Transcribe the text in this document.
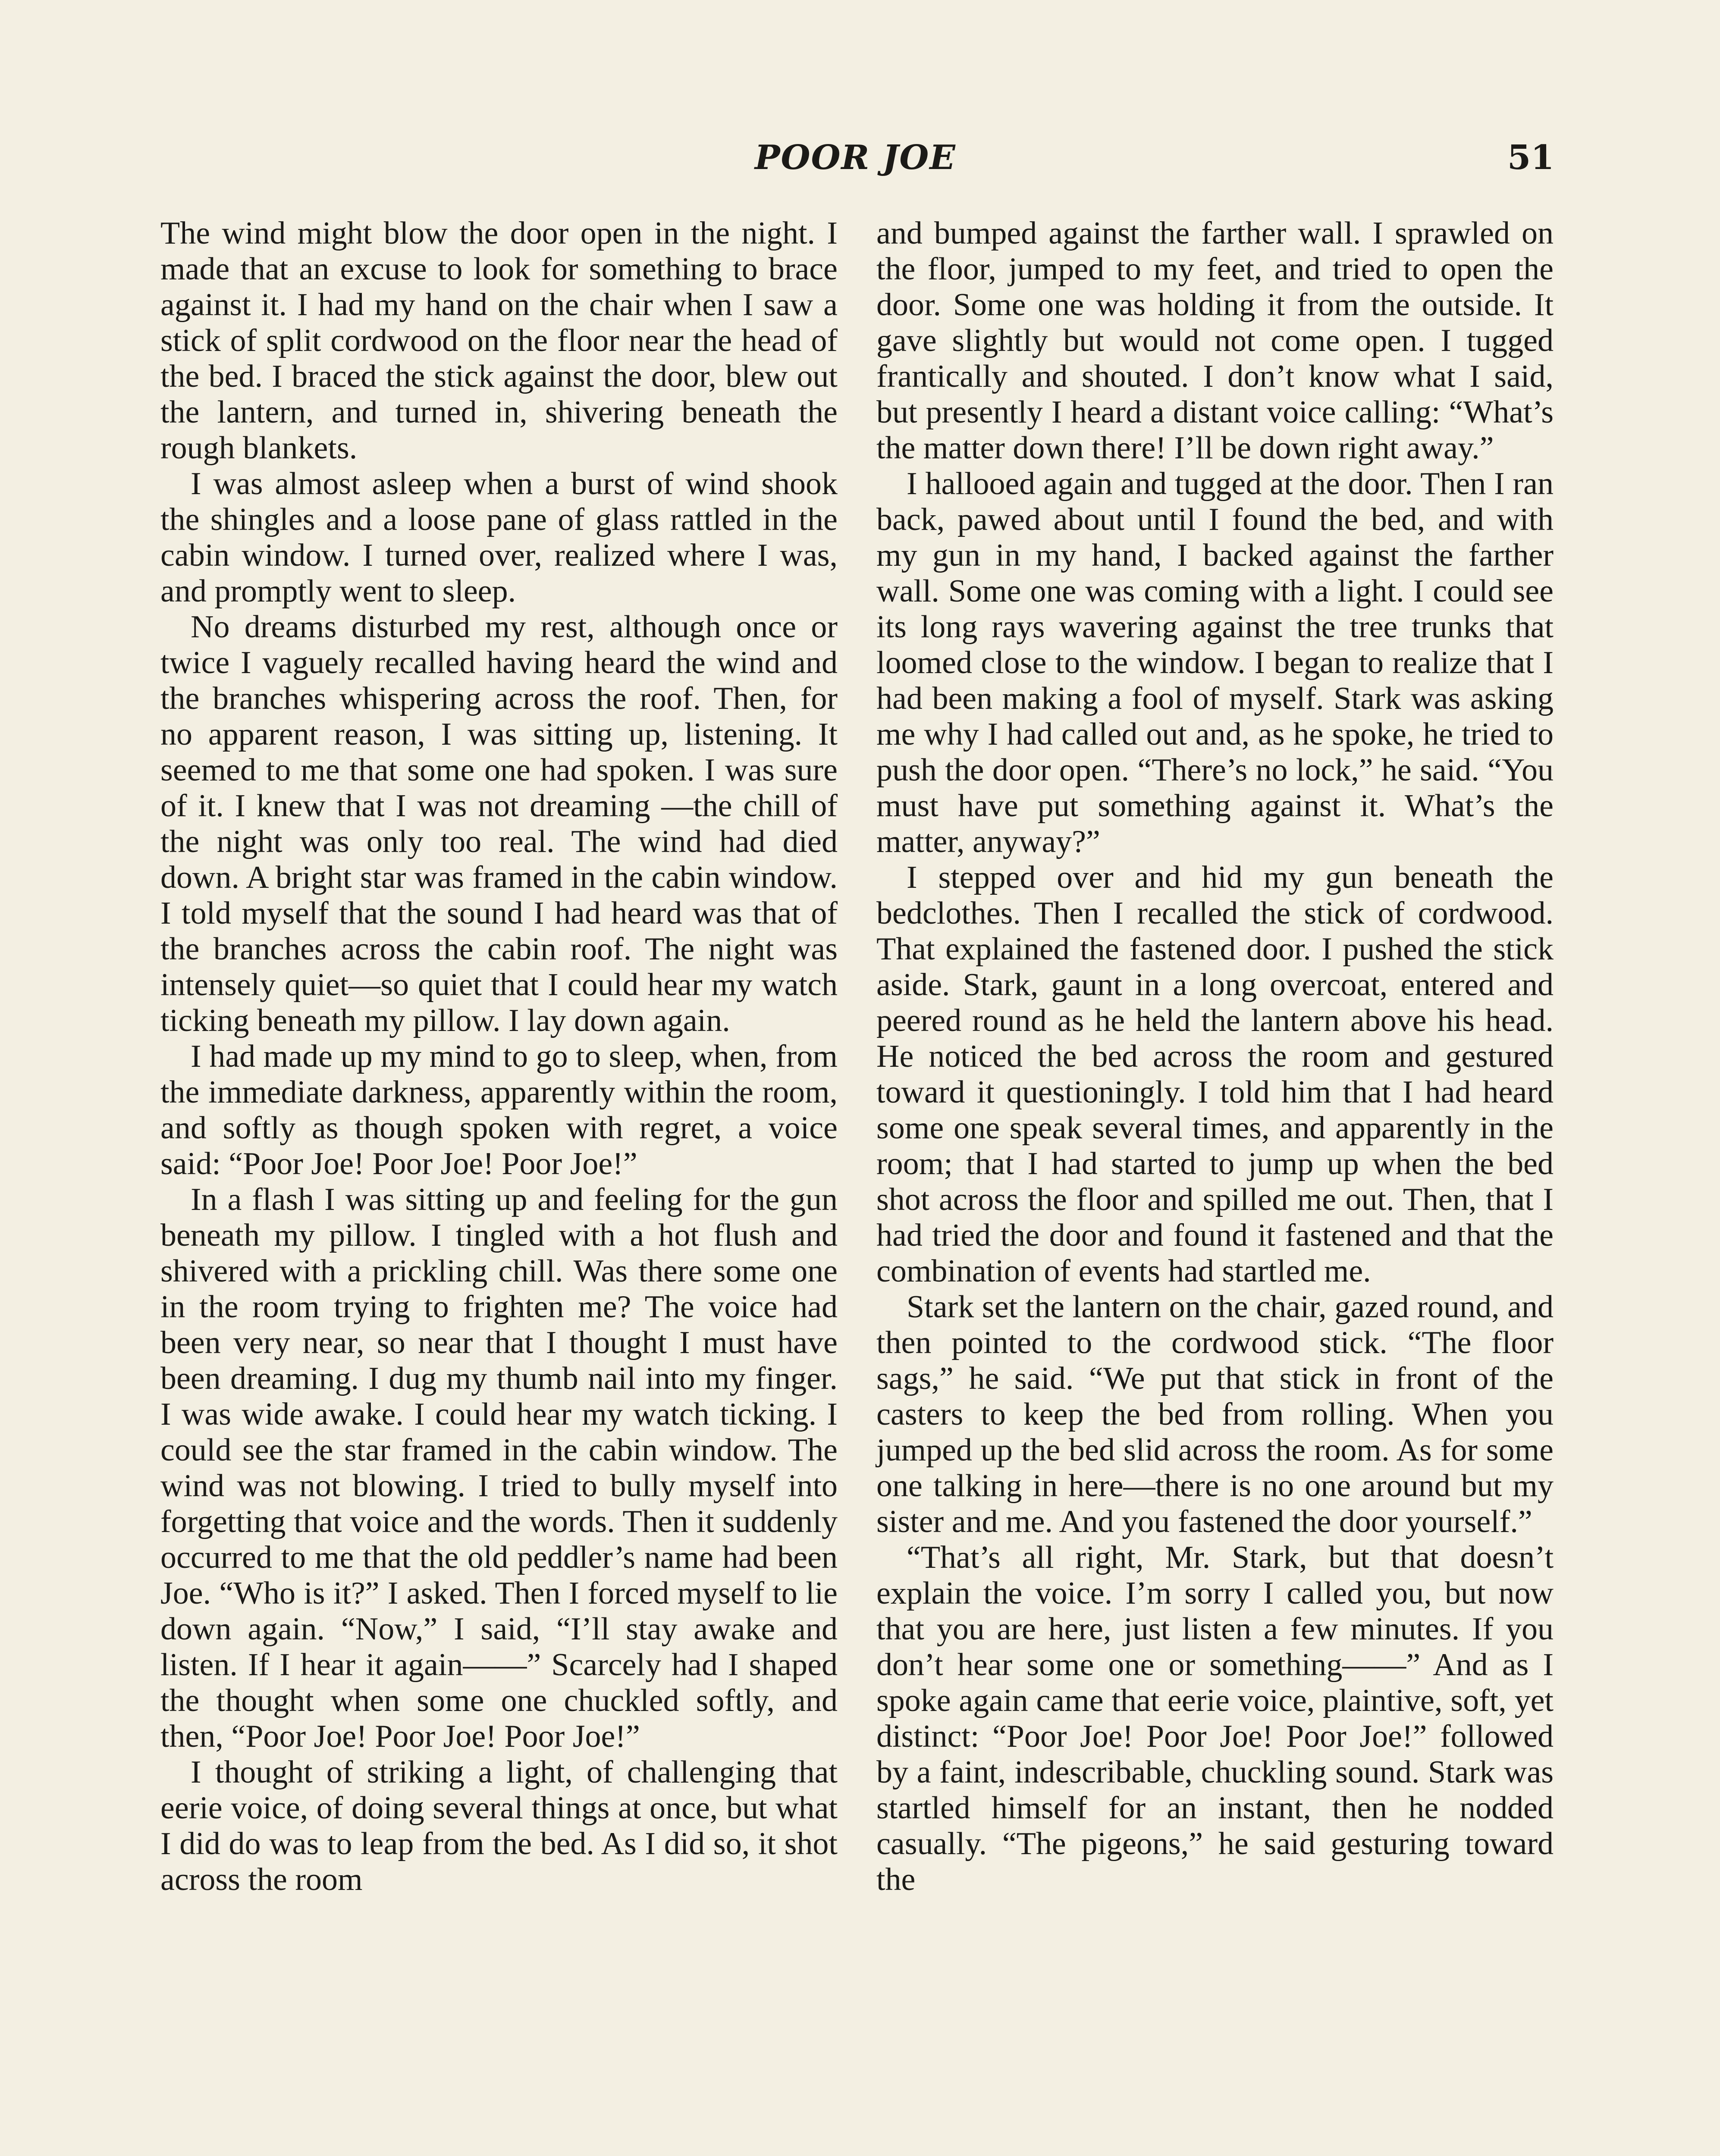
POOR JOE	51

The wind might blow the door open in the night. I made that an excuse to look for something to brace against it. I had my hand on the chair when I saw a stick of split cordwood on the floor near the head of the bed. I braced the stick against the door, blew out the lantern, and turned in, shivering beneath the rough blankets.

I was almost asleep when a burst of wind shook the shingles and a loose pane of glass rattled in the cabin window. I turned over, realized where I was, and promptly went to sleep.

No dreams disturbed my rest, although once or twice I vaguely recalled having heard the wind and the branches whispering across the roof. Then, for no apparent reason, I was sitting up, listening. It seemed to me that some one had spoken. I was sure of it. I knew that I was not dreaming —the chill of the night was only too real. The wind had died down. A bright star was framed in the cabin window. I told myself that the sound I had heard was that of the branches across the cabin roof. The night was intensely quiet—so quiet that I could hear my watch ticking beneath my pillow. I lay down again.

I had made up my mind to go to sleep, when, from the immediate darkness, apparently within the room, and softly as though spoken with regret, a voice said: “Poor Joe! Poor Joe! Poor Joe!”

In a flash I was sitting up and feeling for the gun beneath my pillow. I tingled with a hot flush and shivered with a prickling chill. Was there some one in the room trying to frighten me? The voice had been very near, so near that I thought I must have been dreaming. I dug my thumb nail into my finger. I was wide awake. I could hear my watch ticking. I could see the star framed in the cabin window. The wind was not blowing. I tried to bully myself into forgetting that voice and the words. Then it suddenly occurred to me that the old peddler’s name had been Joe. “Who is it?” I asked. Then I forced myself to lie down again. “Now,” I said, “I’ll stay awake and listen. If I hear it again——” Scarcely had I shaped the thought when some one chuckled softly, and then, “Poor Joe! Poor Joe! Poor Joe!”

I thought of striking a light, of challenging that eerie voice, of doing several things at once, but what I did do was to leap from the bed. As I did so, it shot across the room

and bumped against the farther wall. I sprawled on the floor, jumped to my feet, and tried to open the door. Some one was holding it from the outside. It gave slightly but would not come open. I tugged frantically and shouted. I don’t know what I said, but presently I heard a distant voice calling: “What’s the matter down there! I’ll be down right away.”

I hallooed again and tugged at the door. Then I ran back, pawed about until I found the bed, and with my gun in my hand, I backed against the farther wall. Some one was coming with a light. I could see its long rays wavering against the tree trunks that loomed close to the window. I began to realize that I had been making a fool of myself. Stark was asking me why I had called out and, as he spoke, he tried to push the door open. “There’s no lock,” he said. “You must have put something against it. What’s the matter, anyway?”

I stepped over and hid my gun beneath the bedclothes. Then I recalled the stick of cordwood. That explained the fastened door. I pushed the stick aside. Stark, gaunt in a long overcoat, entered and peered round as he held the lantern above his head. He noticed the bed across the room and gestured toward it questioningly. I told him that I had heard some one speak several times, and apparently in the room; that I had started to jump up when the bed shot across the floor and spilled me out. Then, that I had tried the door and found it fastened and that the combination of events had startled me.

Stark set the lantern on the chair, gazed round, and then pointed to the cordwood stick. “The floor sags,” he said. “We put that stick in front of the casters to keep the bed from rolling. When you jumped up the bed slid across the room. As for some one talking in here—there is no one around but my sister and me. And you fastened the door yourself.”

“That’s all right, Mr. Stark, but that doesn’t explain the voice. I’m sorry I called you, but now that you are here, just listen a few minutes. If you don’t hear some one or something——” And as I spoke again came that eerie voice, plaintive, soft, yet distinct: “Poor Joe! Poor Joe! Poor Joe!” followed by a faint, indescribable, chuckling sound. Stark was startled himself for an instant, then he nodded casually. “The pigeons,” he said gesturing toward the
